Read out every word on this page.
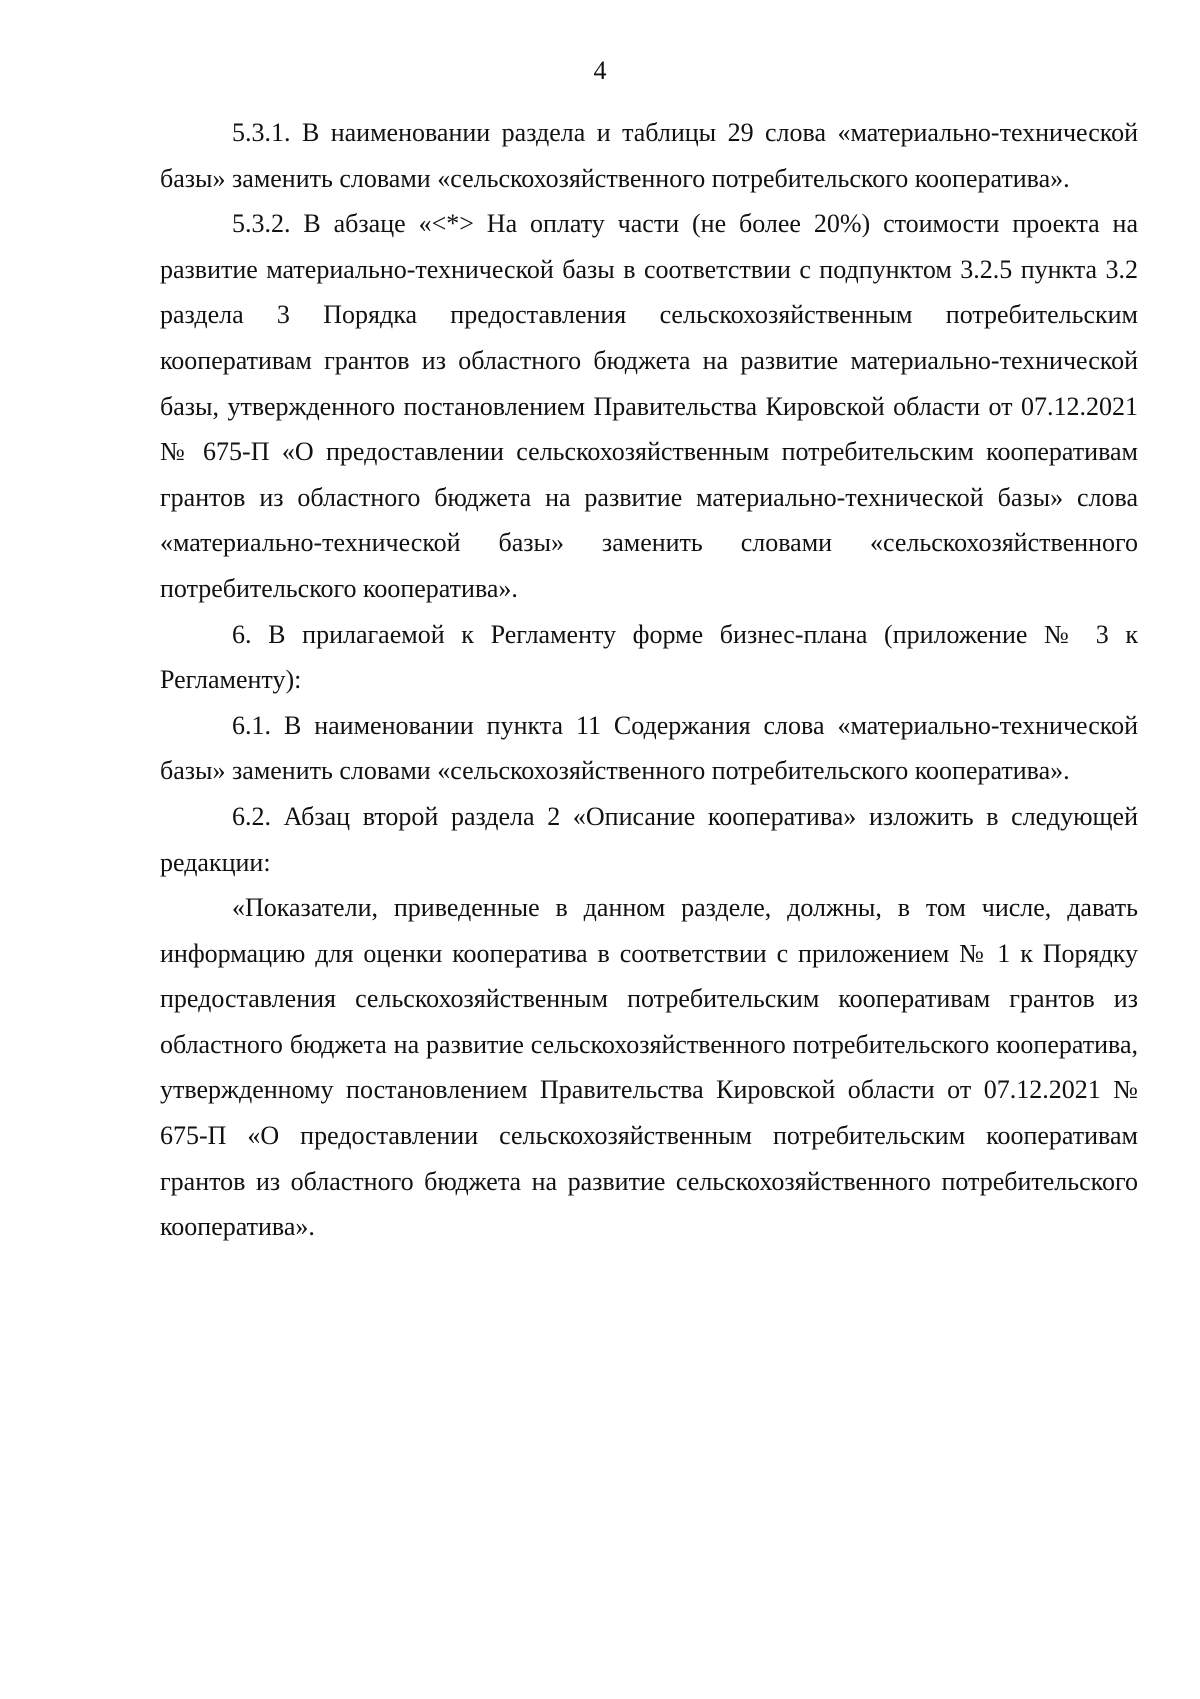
4

5.3.1. В наименовании раздела и таблицы 29 слова «материально-технической базы» заменить словами «сельскохозяйственного потребительского кооператива».

5.3.2. В абзаце «<*> На оплату части (не более 20%) стоимости проекта на развитие материально-технической базы в соответствии с подпунктом 3.2.5 пункта 3.2 раздела 3 Порядка предоставления сельскохозяйственным потребительским кооперативам грантов из областного бюджета на развитие материально-технической базы, утвержденного постановлением Правительства Кировской области от 07.12.2021 № 675-П «О предоставлении сельскохозяйственным потребительским кооперативам грантов из областного бюджета на развитие материально-технической базы» слова «материально-технической базы» заменить словами «сельскохозяйственного потребительского кооператива».

6. В прилагаемой к Регламенту форме бизнес-плана (приложение № 3 к Регламенту):

6.1. В наименовании пункта 11 Содержания слова «материально-технической базы» заменить словами «сельскохозяйственного потребительского кооператива».

6.2. Абзац второй раздела 2 «Описание кооператива» изложить в следующей редакции:

«Показатели, приведенные в данном разделе, должны, в том числе, давать информацию для оценки кооператива в соответствии с приложением № 1 к Порядку предоставления сельскохозяйственным потребительским кооперативам грантов из областного бюджета на развитие сельскохозяйственного потребительского кооператива, утвержденному постановлением Правительства Кировской области от 07.12.2021 № 675-П «О предоставлении сельскохозяйственным потребительским кооперативам грантов из областного бюджета на развитие сельскохозяйственного потребительского кооператива».
